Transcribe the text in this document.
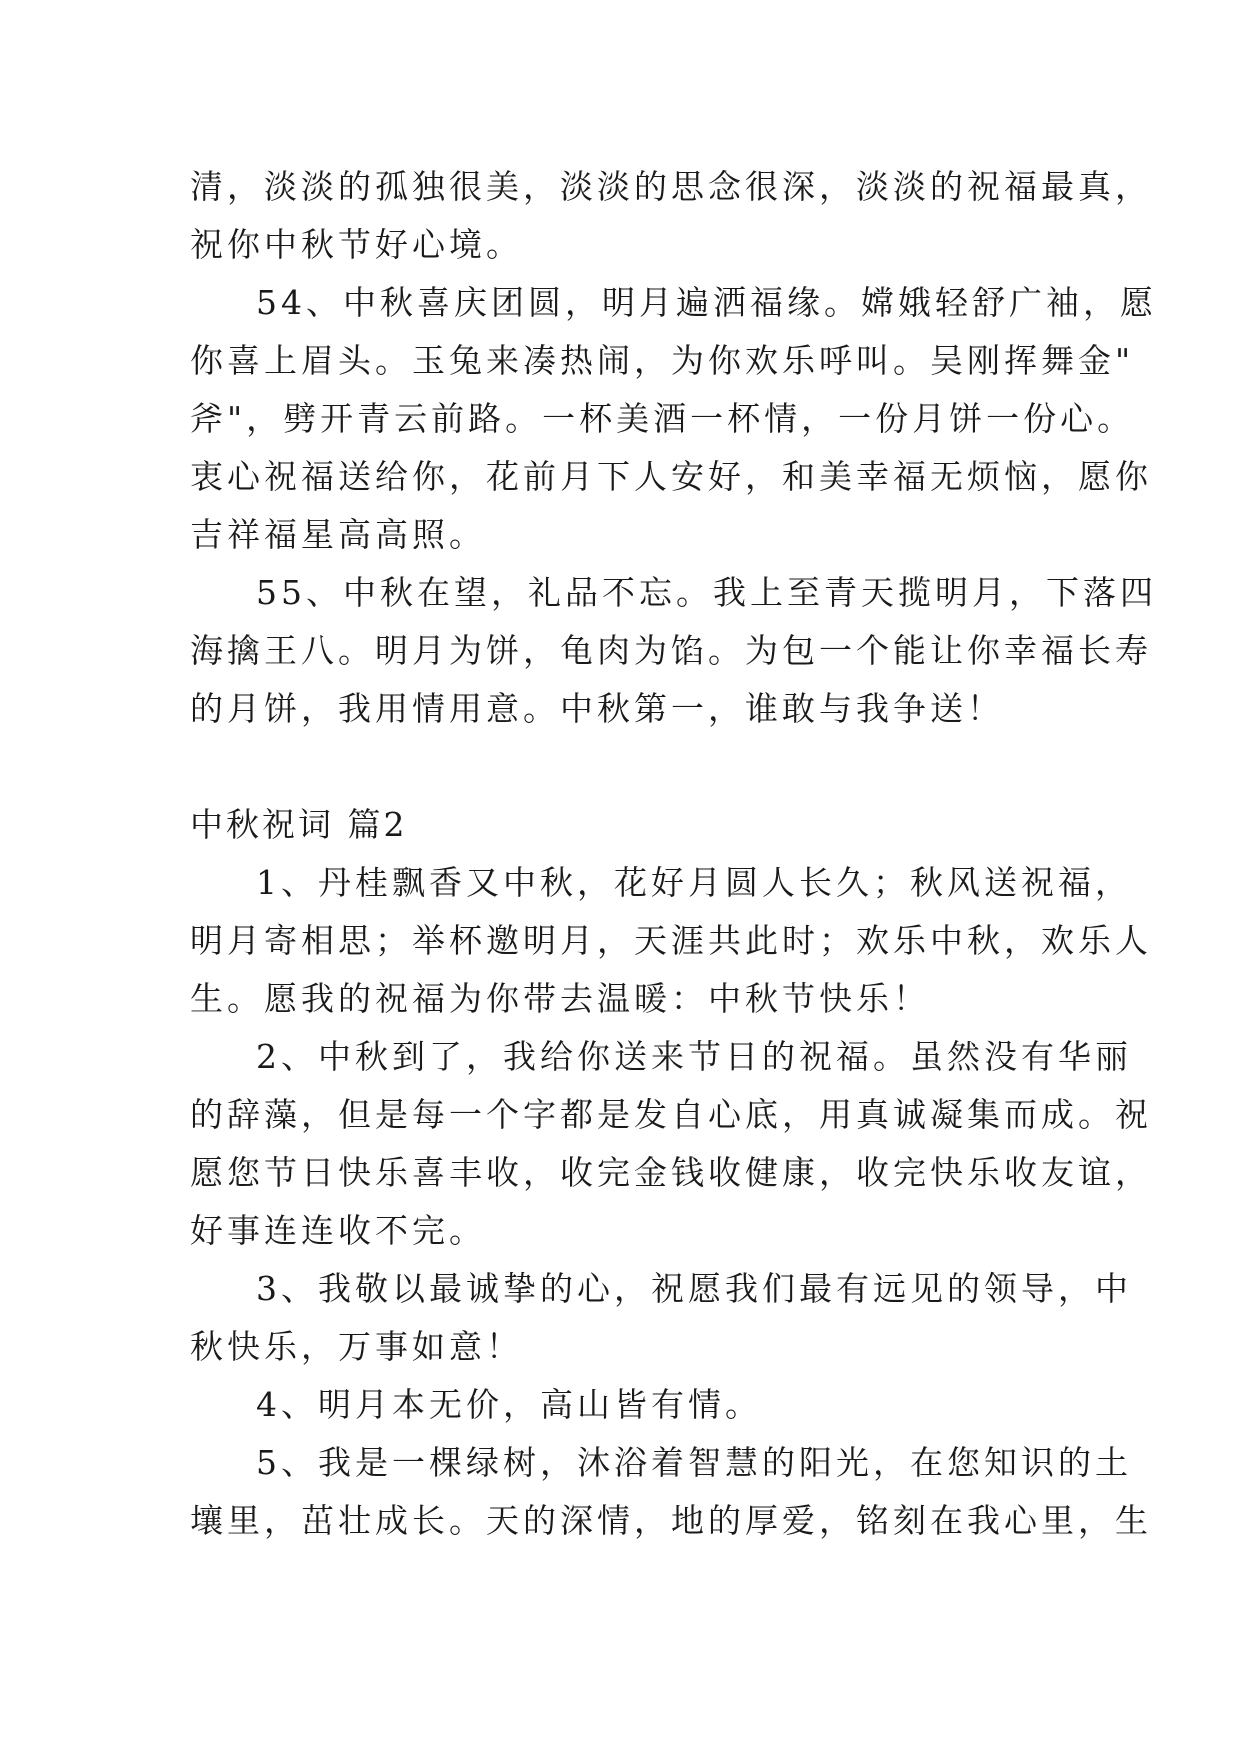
清，淡淡的孤独很美，淡淡的思念很深，淡淡的祝福最真，

祝你中秋节好心境。

54、中秋喜庆团圆，明月遍洒福缘。嫦娥轻舒广袖，愿

你喜上眉头。玉兔来凑热闹，为你欢乐呼叫。吴刚挥舞金"

斧"，劈开青云前路。一杯美酒一杯情，一份月饼一份心。

衷心祝福送给你，花前月下人安好，和美幸福无烦恼，愿你

吉祥福星高高照。

55、中秋在望，礼品不忘。我上至青天揽明月，下落四

海擒王八。明月为饼，龟肉为馅。为包一个能让你幸福长寿

的月饼，我用情用意。中秋第一，谁敢与我争送！

中秋祝词 篇2

1、丹桂飘香又中秋，花好月圆人长久；秋风送祝福，

明月寄相思；举杯邀明月，天涯共此时；欢乐中秋，欢乐人

生。愿我的祝福为你带去温暖：中秋节快乐！

2、中秋到了，我给你送来节日的祝福。虽然没有华丽

的辞藻，但是每一个字都是发自心底，用真诚凝集而成。祝

愿您节日快乐喜丰收，收完金钱收健康，收完快乐收友谊，

好事连连收不完。

3、我敬以最诚挚的心，祝愿我们最有远见的领导，中

秋快乐，万事如意！

4、明月本无价，高山皆有情。

5、我是一棵绿树，沐浴着智慧的阳光，在您知识的土

壤里，茁壮成长。天的深情，地的厚爱，铭刻在我心里，生
